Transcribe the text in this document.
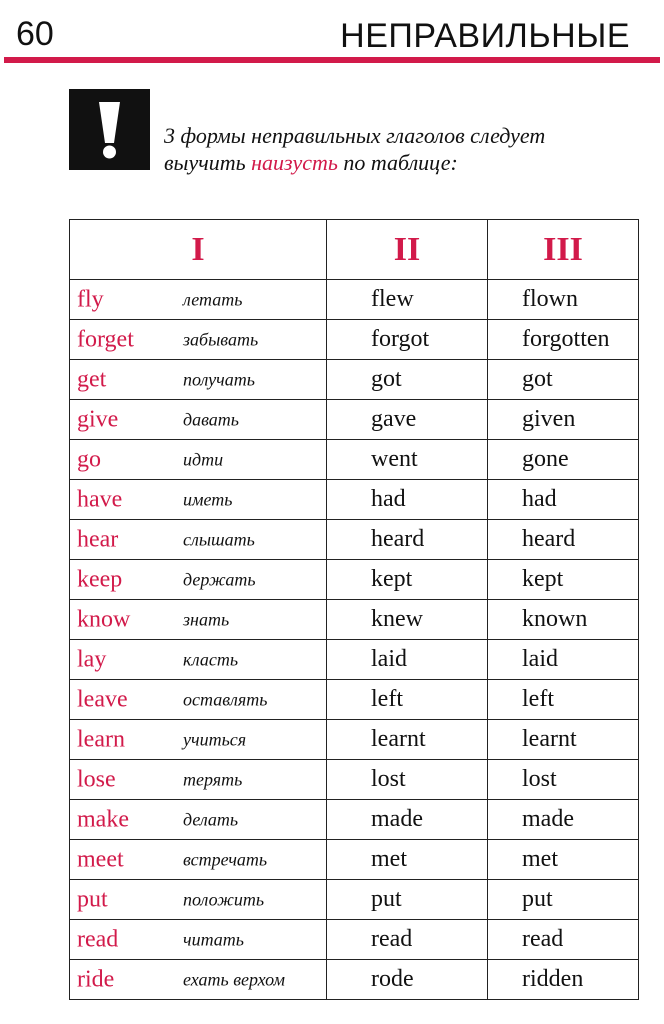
60	НЕПРАВИЛЬНЫЕ
3 формы неправильных глаголов следует
выучить наизусть по таблице:
I	II	III

fly летать	flew	flown

forget забывать	forgot	forgotten

get получать	got	got

give давать	gave	given

go идти	went	gone

have иметь	had	had

hear слышать	heard	heard

keep держать	kept	kept

know знать	knew	known

lay класть	laid	laid

leave оставлять	left	left

learn учиться	learnt	learnt

lose терять	lost	lost

make делать	made	made

meet встречать	met	met

put положить	put	put

read читать	read	read

ride ехать верхом	rode	ridden
